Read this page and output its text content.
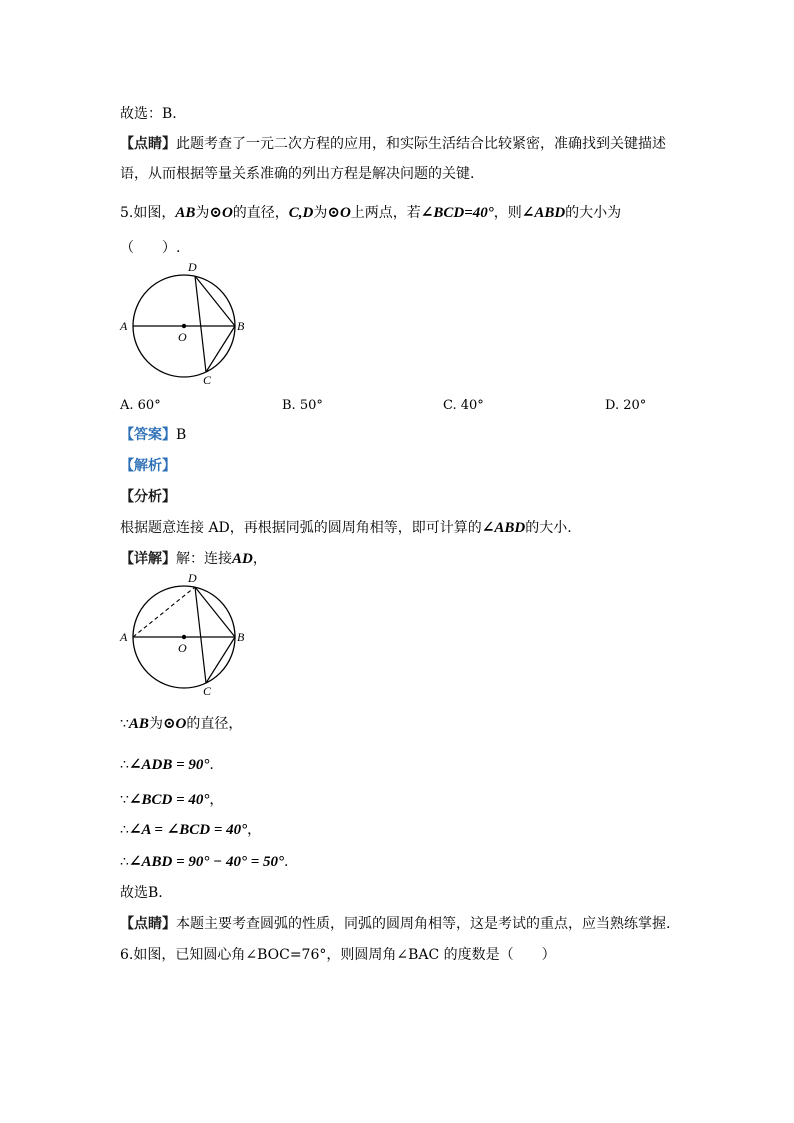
故选：B.
【点睛】此题考查了一元二次方程的应用，和实际生活结合比较紧密，准确找到关键描述
语，从而根据等量关系准确的列出方程是解决问题的关键.
5.如图，AB为⊙O的直径，C,D为⊙O上两点，若∠BCD=40°，则∠ABD的大小为
（　　）.
A	B
C
D
O
A. 60°	B. 50°	C. 40°	D. 20°
【答案】B
【解析】
【分析】
根据题意连接 AD，再根据同弧的圆周角相等，即可计算的∠ABD的大小.
【详解】解：连接AD，
A	B
C
D
O
∵AB为⊙O的直径，
∴∠ADB = 90°.
∵∠BCD = 40°，
∴∠A = ∠BCD = 40°，
∴∠ABD = 90° − 40° = 50°.
故选B.
【点睛】本题主要考查圆弧的性质，同弧的圆周角相等，这是考试的重点，应当熟练掌握.
6.如图，已知圆心角∠BOC=76°，则圆周角∠BAC 的度数是（　　）
